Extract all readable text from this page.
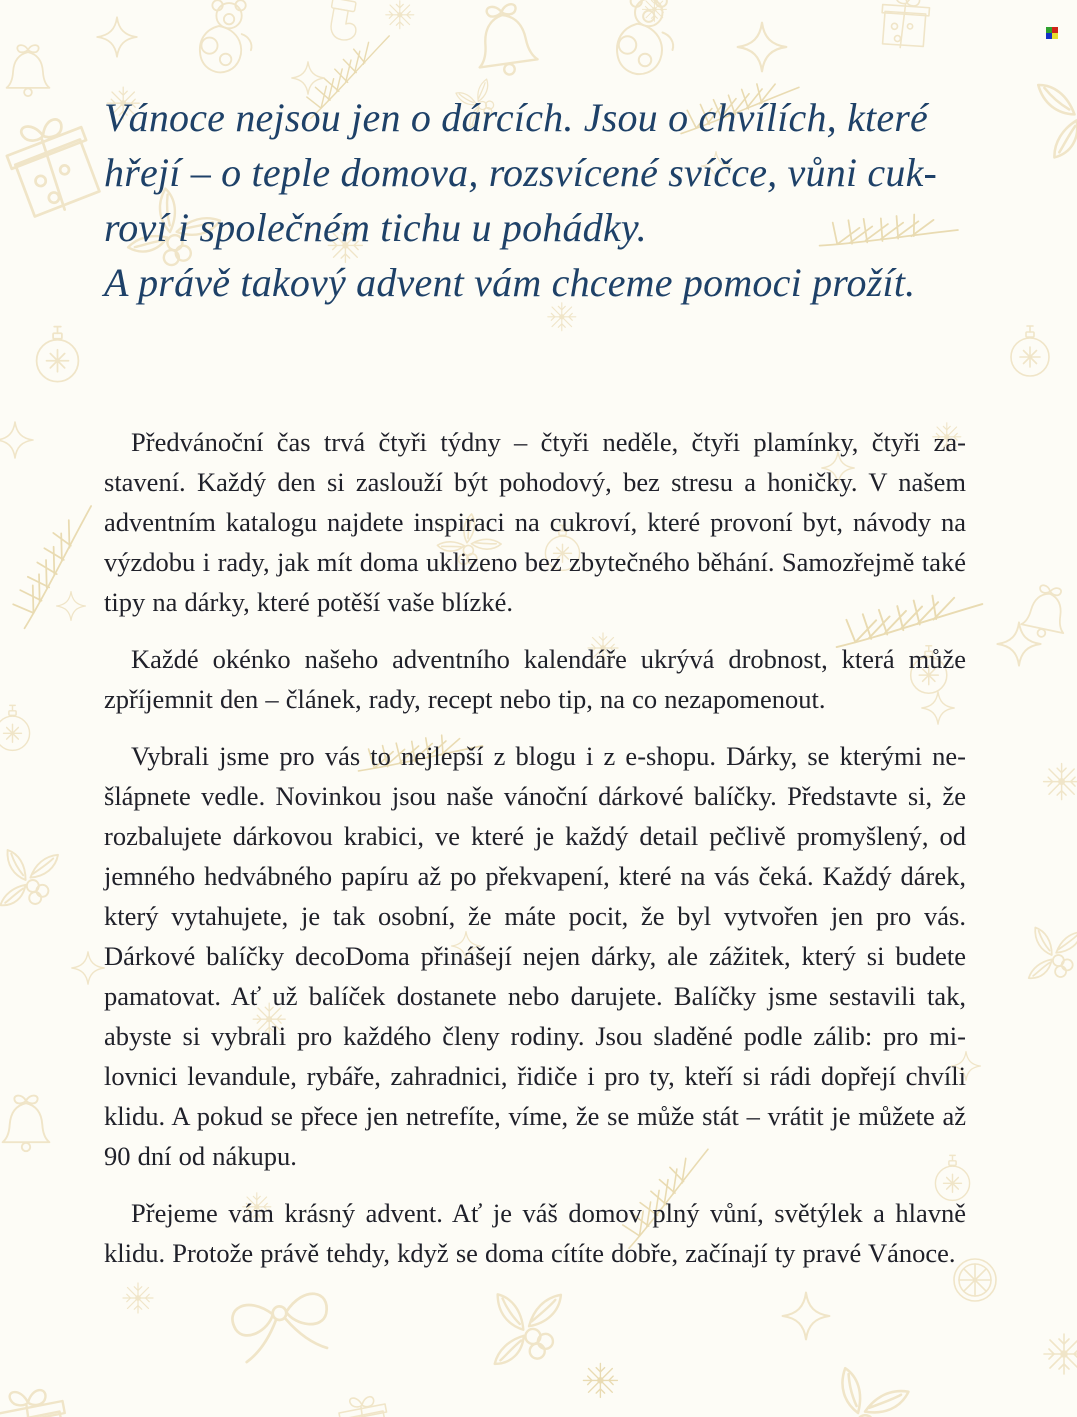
Vánoce nejsou jen o dárcích. Jsou o chvílích, které
hřejí – o teple domova, rozsvícené svíčce, vůni cuk-
roví i společném tichu u pohádky.
A právě takový advent vám chceme pomoci prožít.

Předvánoční čas trvá čtyři týdny – čtyři neděle, čtyři plamínky, čtyři zastavení. Každý den si zaslouží být pohodový, bez stresu a honičky. V našem adventním katalogu najdete inspiraci na cukroví, které provoní byt, návody na výzdobu i rady, jak mít doma uklizeno bez zbytečného běhání. Samozřejmě také tipy na dárky, které potěší vaše blízké.

Každé okénko našeho adventního kalendáře ukrývá drobnost, která může zpříjemnit den – článek, rady, recept nebo tip, na co nezapomenout.

Vybrali jsme pro vás to nejlepší z blogu i z e-shopu. Dárky, se kterými nešlápnete vedle. Novinkou jsou naše vánoční dárkové balíčky. Představte si, že rozbalujete dárkovou krabici, ve které je každý detail pečlivě promyšlený, od jemného hedvábného papíru až po překvapení, které na vás čeká. Každý dárek, který vytahujete, je tak osobní, že máte pocit, že byl vytvořen jen pro vás. Dárkové balíčky decoDoma přinášejí nejen dárky, ale zážitek, který si budete pamatovat. Ať už balíček dostanete nebo darujete. Balíčky jsme sestavili tak, abyste si vybrali pro každého členy rodiny. Jsou sladěné podle zálib: pro milovnici levandule, rybáře, zahradnici, řidiče i pro ty, kteří si rádi dopřejí chvíli klidu. A pokud se přece jen netrefíte, víme, že se může stát – vrátit je můžete až 90 dní od nákupu.

Přejeme vám krásný advent. Ať je váš domov plný vůní, světýlek a hlavně klidu. Protože právě tehdy, když se doma cítíte dobře, začínají ty pravé Vánoce.
